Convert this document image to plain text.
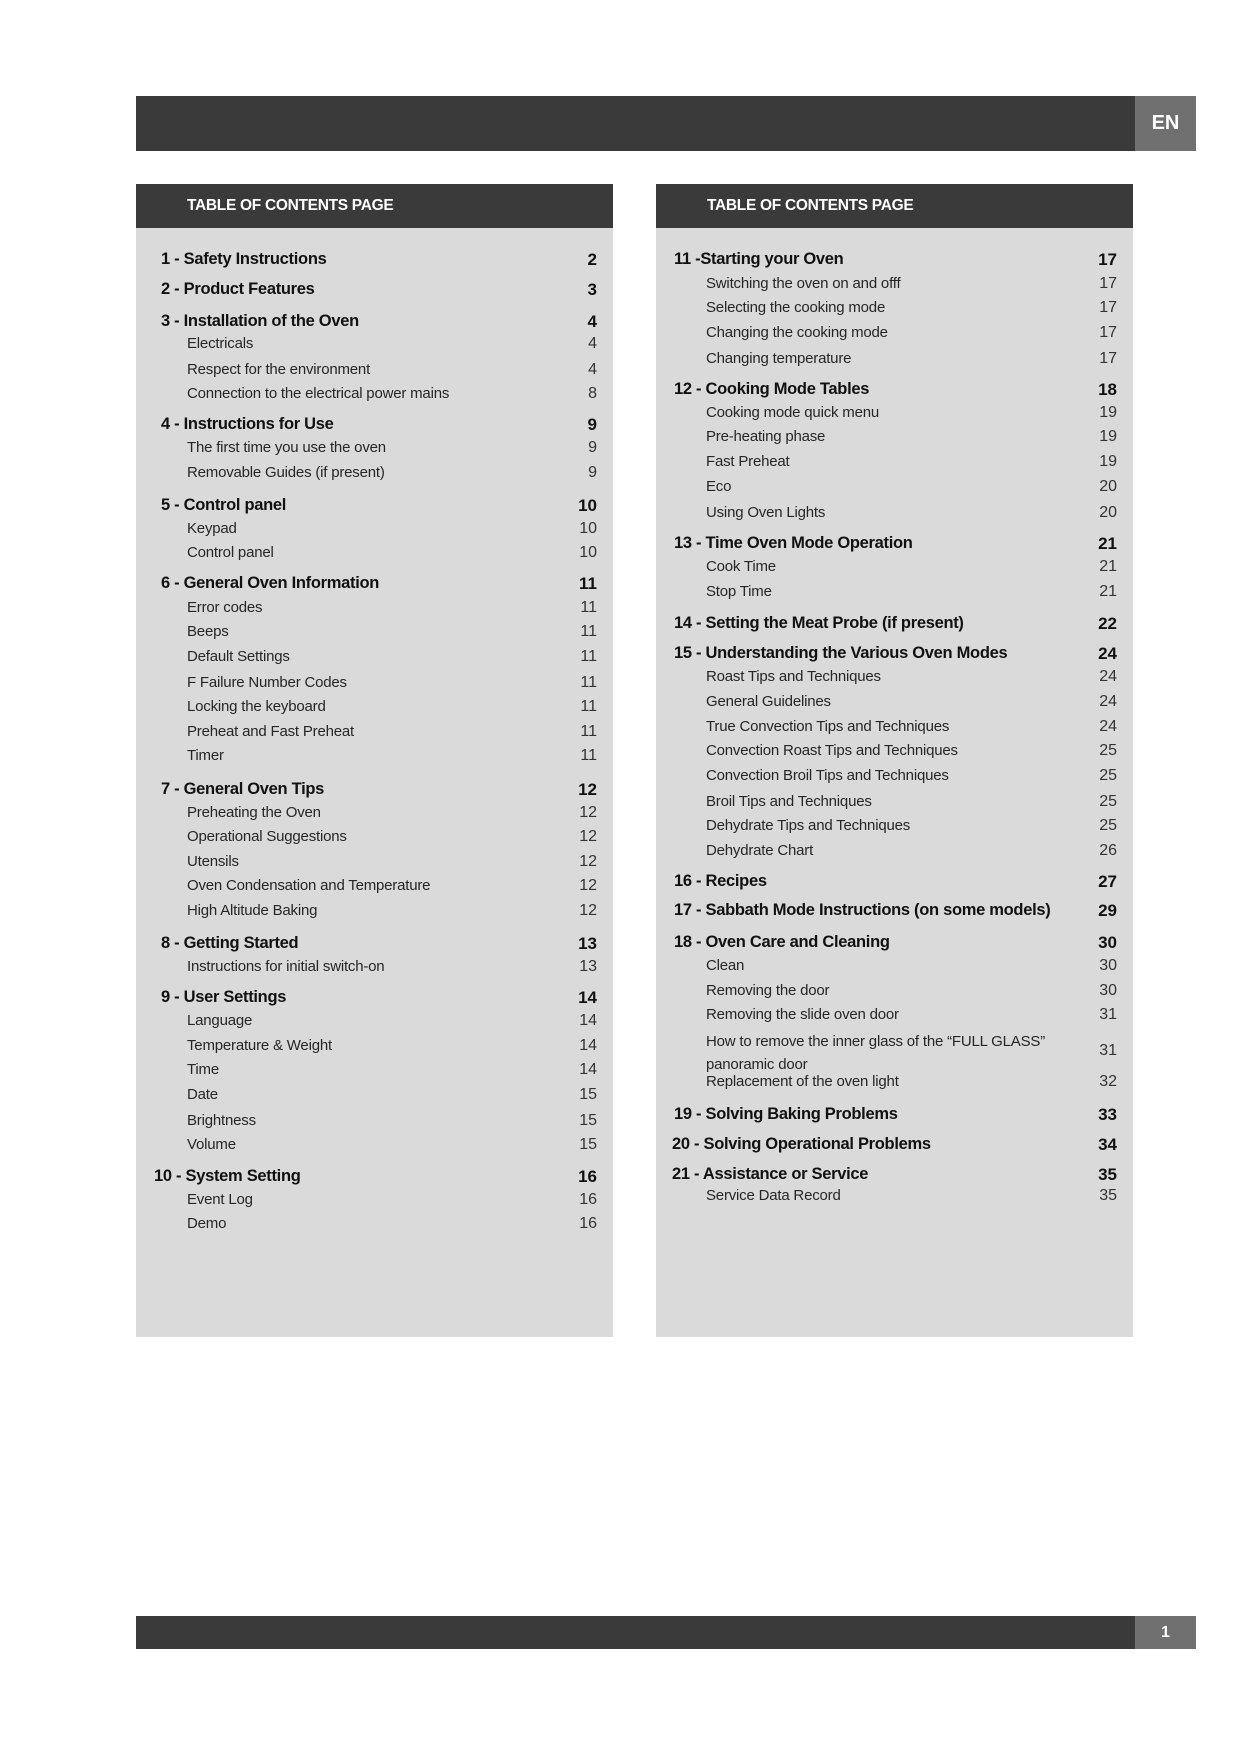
EN
TABLE OF CONTENTS PAGE
1 - Safety Instructions	2
2 - Product Features	3
3 - Installation of the Oven	4
Electricals	4
Respect for the environment	4
Connection to the electrical power mains	8
4 - Instructions for Use	9
The first time you use the oven	9
Removable Guides (if present)	9
5 - Control panel	10
Keypad	10
Control panel	10
6 - General Oven Information	11
Error codes	11
Beeps	11
Default Settings	11
F Failure Number Codes	11
Locking the keyboard	11
Preheat and Fast Preheat	11
Timer	11
7 - General Oven Tips	12
Preheating the Oven	12
Operational Suggestions	12
Utensils	12
Oven Condensation and Temperature	12
High Altitude Baking	12
8 - Getting Started	13
Instructions for initial switch-on	13
9 - User Settings	14
Language	14
Temperature & Weight	14
Time	14
Date	15
Brightness	15
Volume	15
10 - System Setting	16
Event Log	16
Demo	16
TABLE OF CONTENTS PAGE
11 -Starting your Oven	17
Switching the oven on and offf	17
Selecting the cooking mode	17
Changing the cooking mode	17
Changing temperature	17
12 - Cooking Mode Tables	18
Cooking mode quick menu	19
Pre-heating phase	19
Fast Preheat	19
Eco	20
Using Oven Lights	20
13 - Time Oven Mode Operation	21
Cook Time	21
Stop Time	21
14 - Setting the Meat Probe (if present)	22
15 - Understanding the Various Oven Modes	24
Roast Tips and Techniques	24
General Guidelines	24
True Convection Tips and Techniques	24
Convection Roast Tips and Techniques	25
Convection Broil Tips and Techniques	25
Broil Tips and Techniques	25
Dehydrate Tips and Techniques	25
Dehydrate Chart	26
16 - Recipes	27
17 - Sabbath Mode Instructions (on some models)	29
18 - Oven Care and Cleaning	30
Clean	30
Removing the door	30
Removing the slide oven door	31
How to remove the inner glass of the “FULL GLASS” panoramic door
31
Replacement of the oven light	32
19 - Solving Baking Problems	33
20 - Solving Operational Problems	34
21 - Assistance or Service	35
Service Data Record	35
1
